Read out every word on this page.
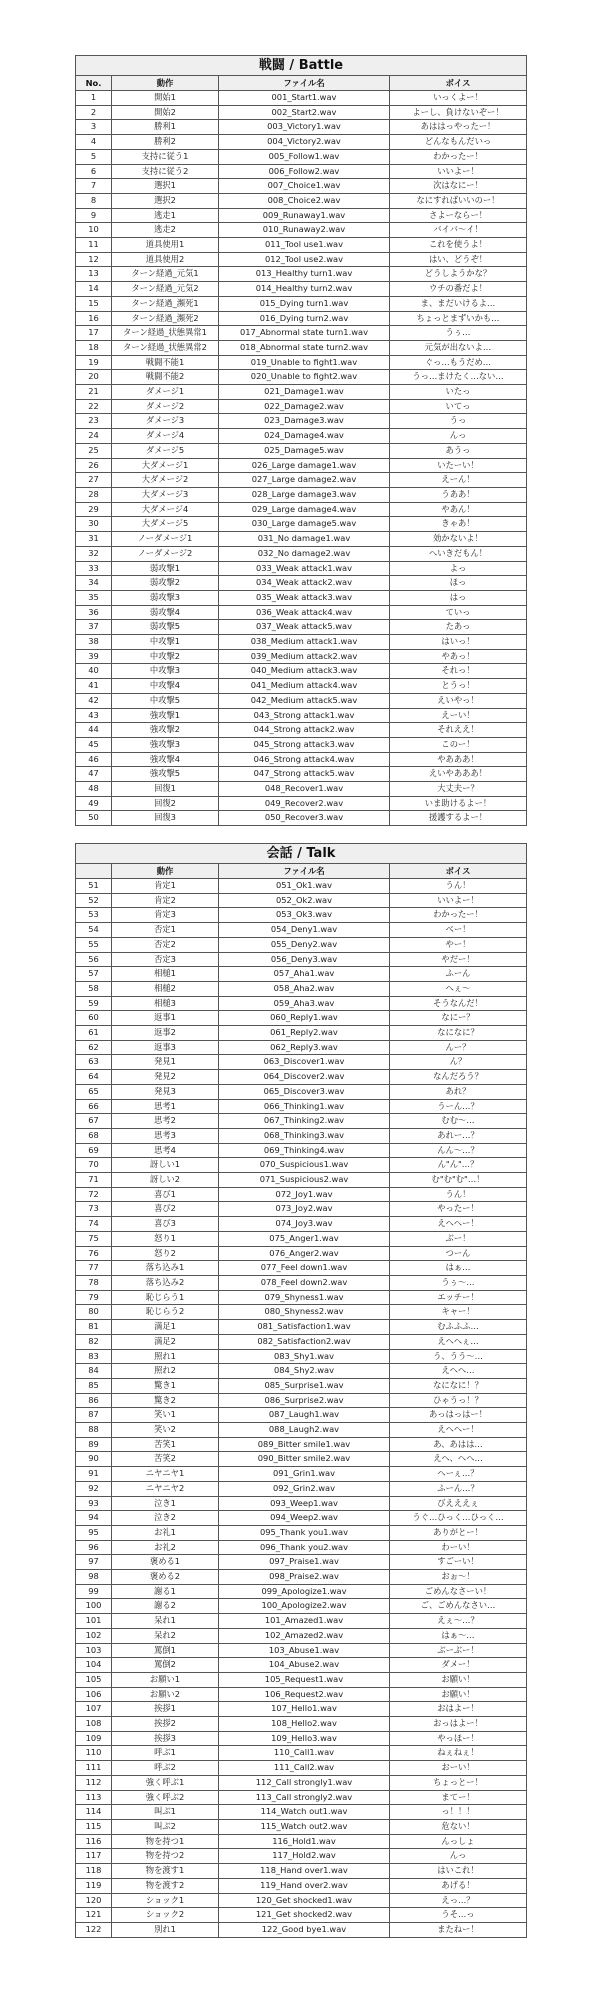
戦闘 / Battle			
No.	動作	ファイル名	ボイス
1	開始1	001_Start1.wav	いっくよー！
2	開始2	002_Start2.wav	よーし、負けないぞー！
3	勝利1	003_Victory1.wav	あははっやったー！
4	勝利2	004_Victory2.wav	どんなもんだいっ
5	支持に従う1	005_Follow1.wav	わかったー！
6	支持に従う2	006_Follow2.wav	いいよー！
7	選択1	007_Choice1.wav	次はなにー！
8	選択2	008_Choice2.wav	なにすればいいのー！
9	逃走1	009_Runaway1.wav	さよーならー！
10	逃走2	010_Runaway2.wav	バイバ～イ！
11	道具使用1	011_Tool use1.wav	これを使うよ！
12	道具使用2	012_Tool use2.wav	はい、どうぞ！
13	ターン経過_元気1	013_Healthy turn1.wav	どうしようかな？
14	ターン経過_元気2	014_Healthy turn2.wav	ウチの番だよ！
15	ターン経過_瀕死1	015_Dying turn1.wav	ま、まだいけるよ…
16	ターン経過_瀕死2	016_Dying turn2.wav	ちょっとまずいかも…
17	ターン経過_状態異常1	017_Abnormal state turn1.wav	うぅ…
18	ターン経過_状態異常2	018_Abnormal state turn2.wav	元気が出ないよ…
19	戦闘不能1	019_Unable to fight1.wav	ぐっ…もうだめ…
20	戦闘不能2	020_Unable to fight2.wav	うっ…まけたく…ない…
21	ダメージ1	021_Damage1.wav	いたっ
22	ダメージ2	022_Damage2.wav	いてっ
23	ダメージ3	023_Damage3.wav	うっ
24	ダメージ4	024_Damage4.wav	んっ
25	ダメージ5	025_Damage5.wav	あうっ
26	大ダメージ1	026_Large damage1.wav	いたーい！
27	大ダメージ2	027_Large damage2.wav	えーん！
28	大ダメージ3	028_Large damage3.wav	うああ！
29	大ダメージ4	029_Large damage4.wav	やあん！
30	大ダメージ5	030_Large damage5.wav	きゃあ！
31	ノーダメージ1	031_No damage1.wav	効かないよ！
32	ノーダメージ2	032_No damage2.wav	へいきだもん！
33	弱攻撃1	033_Weak attack1.wav	よっ
34	弱攻撃2	034_Weak attack2.wav	ほっ
35	弱攻撃3	035_Weak attack3.wav	はっ
36	弱攻撃4	036_Weak attack4.wav	ていっ
37	弱攻撃5	037_Weak attack5.wav	たあっ
38	中攻撃1	038_Medium attack1.wav	はいっ！
39	中攻撃2	039_Medium attack2.wav	やあっ！
40	中攻撃3	040_Medium attack3.wav	それっ！
41	中攻撃4	041_Medium attack4.wav	とうっ！
42	中攻撃5	042_Medium attack5.wav	えいやっ！
43	強攻撃1	043_Strong attack1.wav	えーい！
44	強攻撃2	044_Strong attack2.wav	それええ！
45	強攻撃3	045_Strong attack3.wav	このー！
46	強攻撃4	046_Strong attack4.wav	やあああ！
47	強攻撃5	047_Strong attack5.wav	えいやあああ！
48	回復1	048_Recover1.wav	大丈夫ー？
49	回復2	049_Recover2.wav	いま助けるよー！
50	回復3	050_Recover3.wav	援護するよー！
会話 / Talk			
	動作	ファイル名	ボイス
51	肯定1	051_Ok1.wav	うん！
52	肯定2	052_Ok2.wav	いいよー！
53	肯定3	053_Ok3.wav	わかったー！
54	否定1	054_Deny1.wav	べー！
55	否定2	055_Deny2.wav	やー！
56	否定3	056_Deny3.wav	やだー！
57	相槌1	057_Aha1.wav	ふーん
58	相槌2	058_Aha2.wav	へぇ～
59	相槌3	059_Aha3.wav	そうなんだ！
60	返事1	060_Reply1.wav	なにー？
61	返事2	061_Reply2.wav	なになに？
62	返事3	062_Reply3.wav	んー？
63	発見1	063_Discover1.wav	ん？
64	発見2	064_Discover2.wav	なんだろう？
65	発見3	065_Discover3.wav	あれ？
66	思考1	066_Thinking1.wav	うーん…？
67	思考2	067_Thinking2.wav	むむ～…
68	思考3	068_Thinking3.wav	あれー…？
69	思考4	069_Thinking4.wav	んん～…？
70	訝しい1	070_Suspicious1.wav	ん"ん"…？
71	訝しい2	071_Suspicious2.wav	む"む"む"…！
72	喜び1	072_Joy1.wav	うん！
73	喜び2	073_Joy2.wav	やったー！
74	喜び3	074_Joy3.wav	えへへー！
75	怒り1	075_Anger1.wav	ぶー！
76	怒り2	076_Anger2.wav	つーん
77	落ち込み1	077_Feel down1.wav	はぁ…
78	落ち込み2	078_Feel down2.wav	うぅ～…
79	恥じらう1	079_Shyness1.wav	エッチー！
80	恥じらう2	080_Shyness2.wav	キャー！
81	満足1	081_Satisfaction1.wav	むふふふ…
82	満足2	082_Satisfaction2.wav	えへへぇ…
83	照れ1	083_Shy1.wav	う、うう～…
84	照れ2	084_Shy2.wav	えへへ…
85	驚き1	085_Surprise1.wav	なになに！？
86	驚き2	086_Surprise2.wav	ひゃうっ！？
87	笑い1	087_Laugh1.wav	あっはっはー！
88	笑い2	088_Laugh2.wav	えへへー！
89	苦笑1	089_Bitter smile1.wav	あ、あはは…
90	苦笑2	090_Bitter smile2.wav	えへ、へへ…
91	ニヤニヤ1	091_Grin1.wav	へーぇ…？
92	ニヤニヤ2	092_Grin2.wav	ふーん…？
93	泣き1	093_Weep1.wav	びえええぇ
94	泣き2	094_Weep2.wav	うぐ…ひっく…ひっく…
95	お礼1	095_Thank you1.wav	ありがとー！
96	お礼2	096_Thank you2.wav	わーい！
97	褒める1	097_Praise1.wav	すごーい！
98	褒める2	098_Praise2.wav	おぉ～！
99	謝る1	099_Apologize1.wav	ごめんなさーい！
100	謝る2	100_Apologize2.wav	ご、ごめんなさい…
101	呆れ1	101_Amazed1.wav	えぇ～…？
102	呆れ2	102_Amazed2.wav	はぁ～…
103	罵倒1	103_Abuse1.wav	ぶーぶー！
104	罵倒2	104_Abuse2.wav	ダメー！
105	お願い1	105_Request1.wav	お願い！
106	お願い2	106_Request2.wav	お願い！
107	挨拶1	107_Hello1.wav	おはよー！
108	挨拶2	108_Hello2.wav	おっはよー！
109	挨拶3	109_Hello3.wav	やっほー！
110	呼ぶ1	110_Call1.wav	ねぇねぇ！
111	呼ぶ2	111_Call2.wav	おーい！
112	強く呼ぶ1	112_Call strongly1.wav	ちょっとー！
113	強く呼ぶ2	113_Call strongly2.wav	まてー！
114	叫ぶ1	114_Watch out1.wav	っ！！！
115	叫ぶ2	115_Watch out2.wav	危ない！
116	物を持つ1	116_Hold1.wav	んっしょ
117	物を持つ2	117_Hold2.wav	んっ
118	物を渡す1	118_Hand over1.wav	はいこれ！
119	物を渡す2	119_Hand over2.wav	あげる！
120	ショック1	120_Get shocked1.wav	えっ…？
121	ショック2	121_Get shocked2.wav	うそ…っ
122	別れ1	122_Good bye1.wav	またねー！
